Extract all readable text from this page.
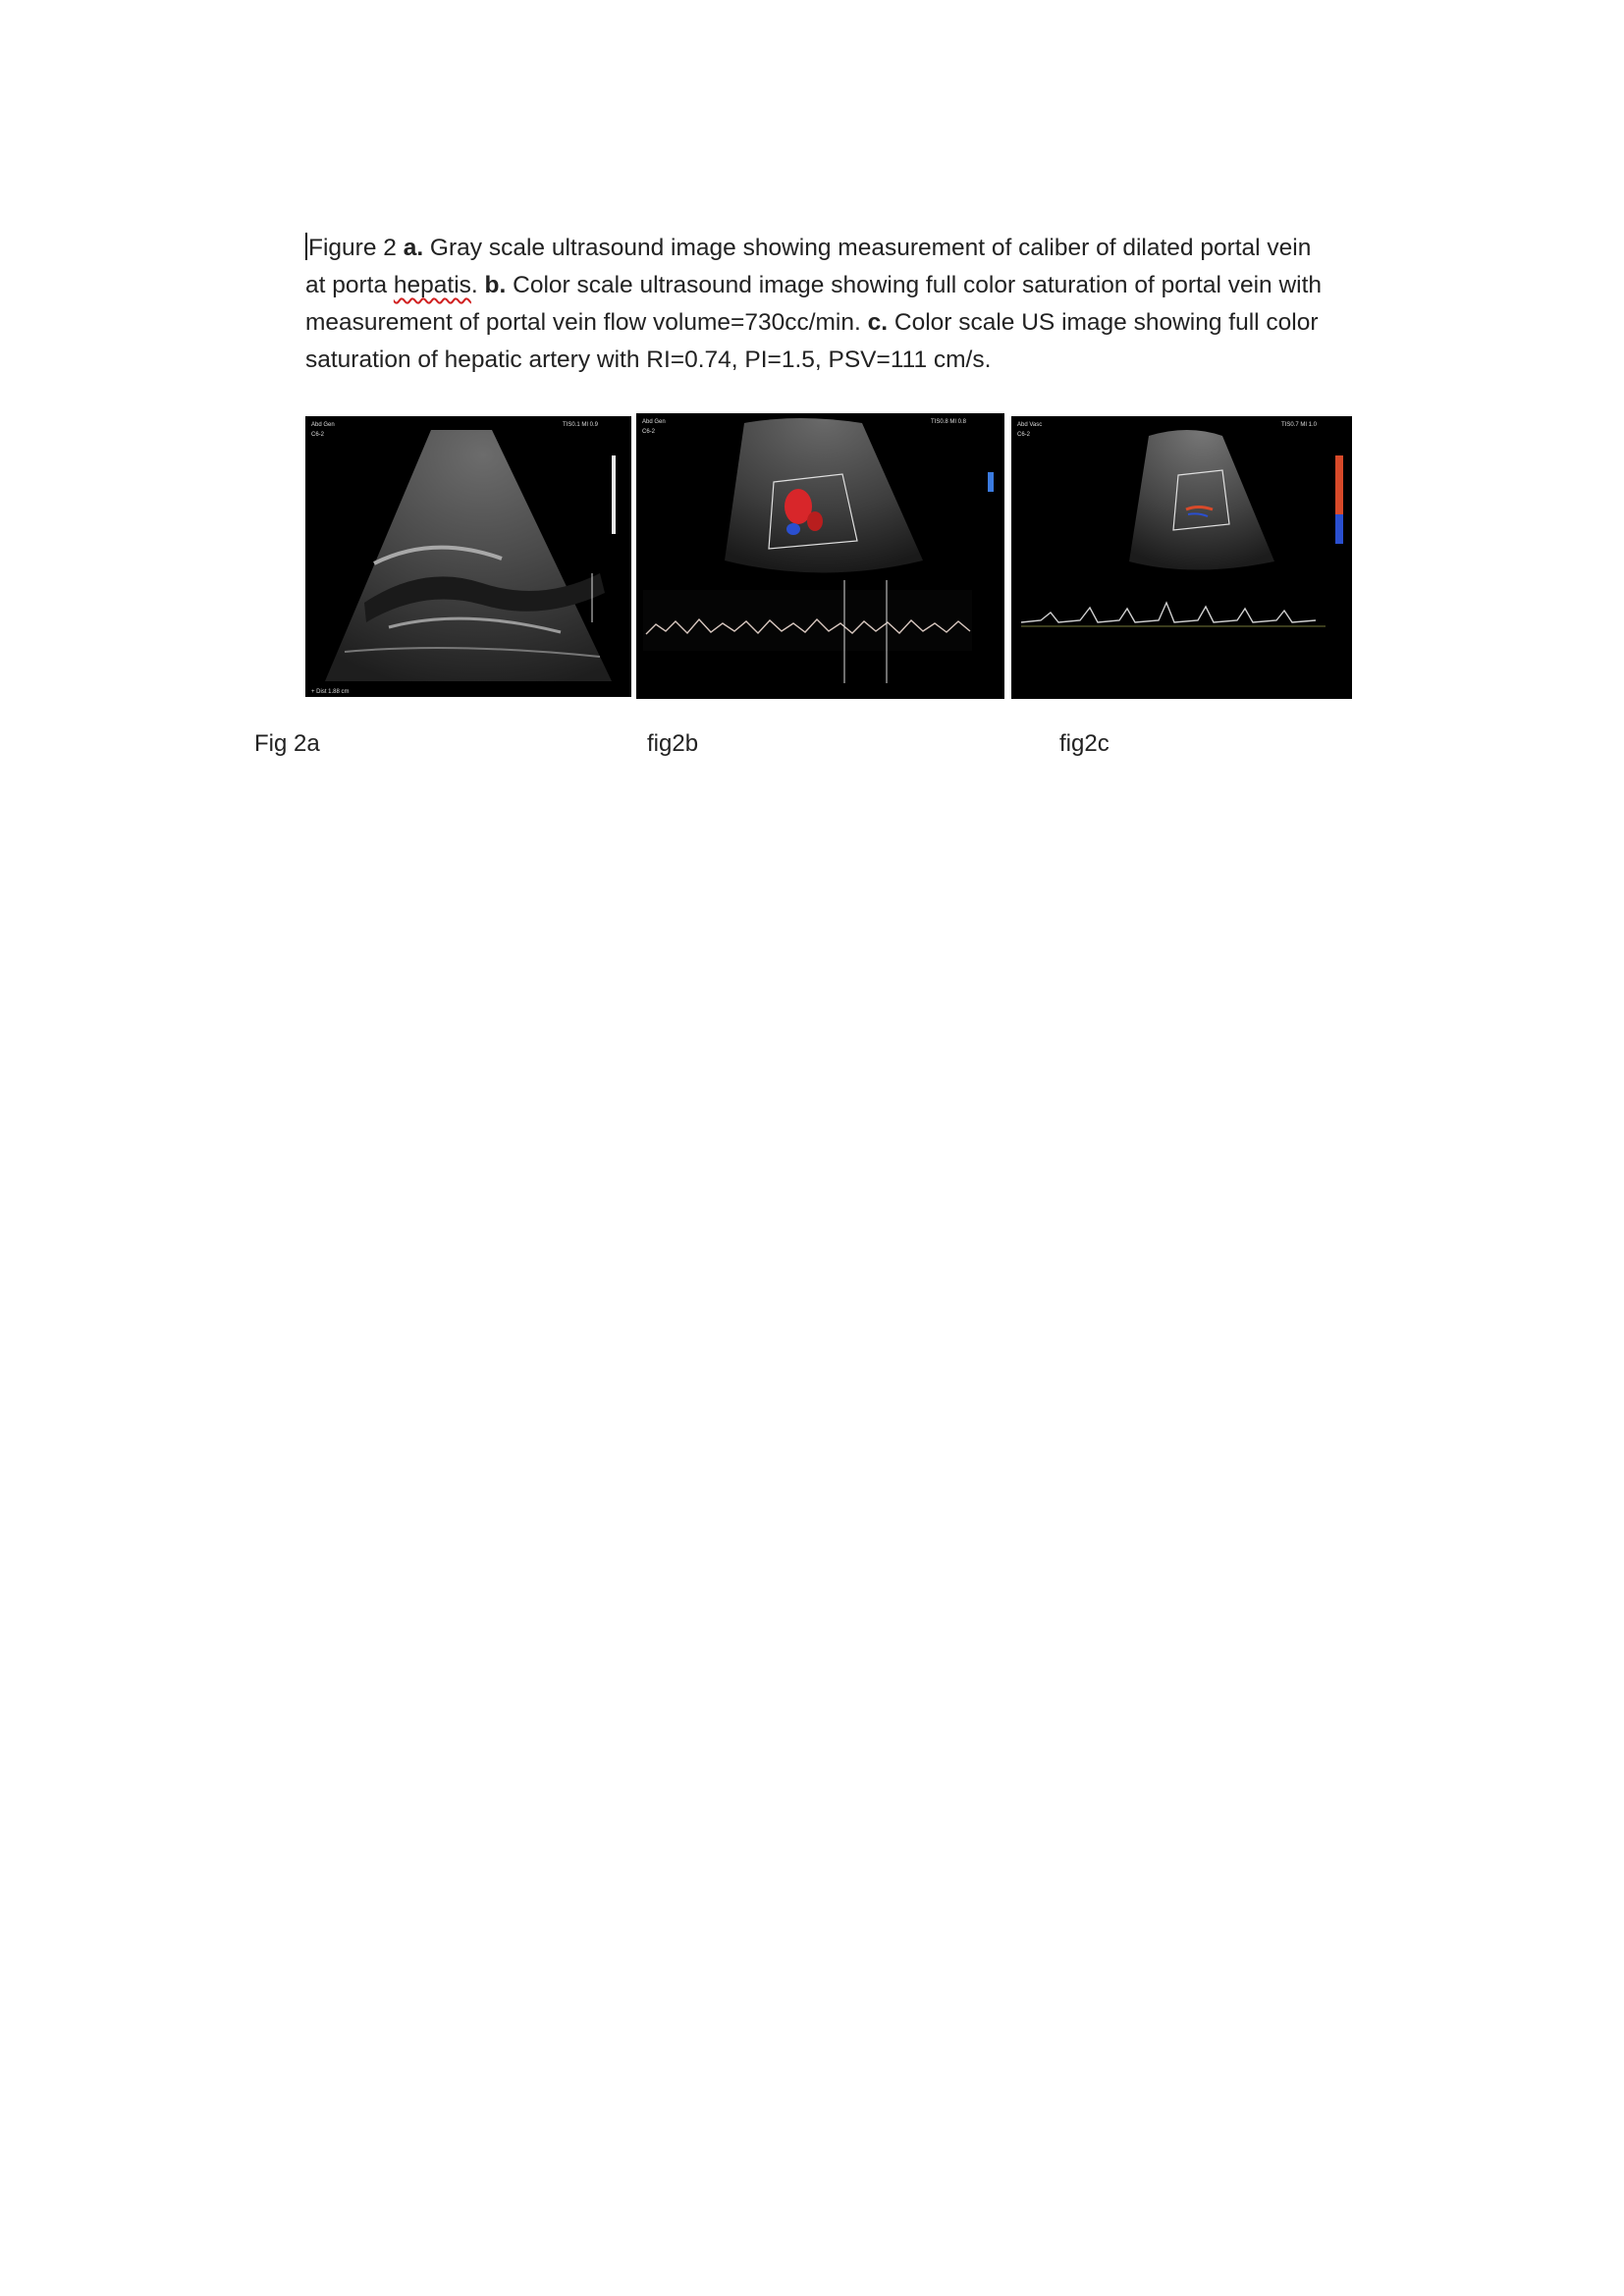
Figure 2 a. Gray scale ultrasound image showing measurement of caliber of dilated portal vein at porta hepatis. b. Color scale ultrasound image showing full color saturation of portal vein with measurement of portal vein flow volume=730cc/min. c. Color scale US image showing full color saturation of hepatic artery with RI=0.74, PI=1.5, PSV=111 cm/s.
Abd Gen	TIS0.1 MI 0.9
C6-2
+ Dist 1.88 cm
Abd Gen	TIS0.8 MI 0.8
C6-2
Abd Vasc	TIS0.7 MI 1.0
C6-2
Fig 2a	fig2b	fig2c
